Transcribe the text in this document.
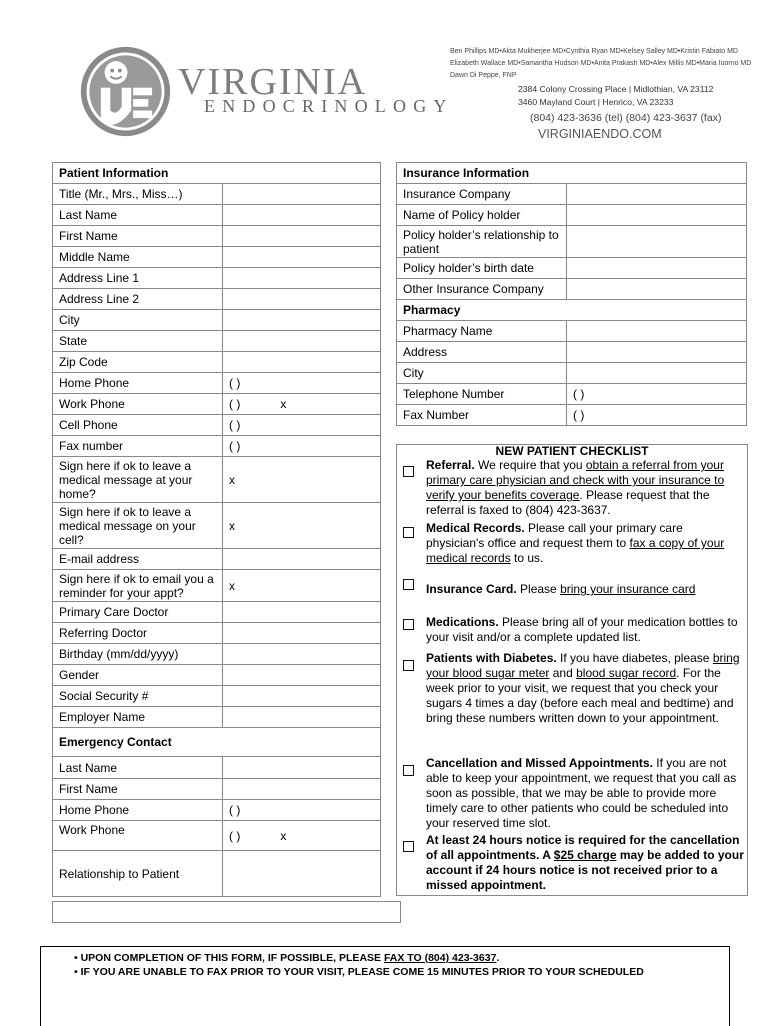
VIRGINIA
ENDOCRINOLOGY
Ben Phillips MD•Akta Mukherjee MD•Cynthia Ryan MD•Kelsey Salley MD•Kristin Fabiato MD
Elizabeth Wallace MD•Samantha Hudson MD•Anita Prakash MD•Alex Millis MD•Maria Iuorno MD
Dawn Di Peppe, FNP
2384 Colony Crossing Place | Midlothian, VA 23112
3460 Mayland Court | Henrico, VA 23233
(804) 423-3636 (tel) (804) 423-3637 (fax)
VIRGINIAENDO.COM
Patient Information	
Title (Mr., Mrs., Miss…)	
Last Name	
First Name	
Middle Name	
Address Line 1	
Address Line 2	
City	
State	
Zip Code	
Home Phone	( )
Work Phone	( ) x
Cell Phone	( )
Fax number	( )
Sign here if ok to leave a medical message at your home?	x
Sign here if ok to leave a medical message on your cell?	x
E-mail address	
Sign here if ok to email you a reminder for your appt?	x
Primary Care Doctor	
Referring Doctor	
Birthday (mm/dd/yyyy)	
Gender	
Social Security #	
Employer Name	
Emergency Contact	
Last Name	
First Name	
Home Phone	( )
Work Phone	( ) x
Relationship to Patient	
Insurance Information	
Insurance Company	
Name of Policy holder	
Policy holder’s relationship to patient	
Policy holder’s birth date	
Other Insurance Company	
Pharmacy	
Pharmacy Name	
Address	
City	
Telephone Number	( )
Fax Number	( )
NEW PATIENT CHECKLIST
Referral. We require that you obtain a referral from your primary care physician and check with your insurance to verify your benefits coverage. Please request that the referral is faxed to (804) 423-3637.
Medical Records. Please call your primary care physician's office and request them to fax a copy of your medical records to us.
Insurance Card. Please bring your insurance card
Medications. Please bring all of your medication bottles to your visit and/or a complete updated list.
Patients with Diabetes. If you have diabetes, please bring your blood sugar meter and blood sugar record. For the week prior to your visit, we request that you check your sugars 4 times a day (before each meal and bedtime) and bring these numbers written down to your appointment.
Cancellation and Missed Appointments. If you are not able to keep your appointment, we request that you call as soon as possible, that we may be able to provide more timely care to other patients who could be scheduled into your reserved time slot.
At least 24 hours notice is required for the cancellation of all appointments. A $25 charge may be added to your account if 24 hours notice is not received prior to a missed appointment.
• UPON COMPLETION OF THIS FORM, IF POSSIBLE, PLEASE FAX TO (804) 423-3637.
• IF YOU ARE UNABLE TO FAX PRIOR TO YOUR VISIT, PLEASE COME 15 MINUTES PRIOR TO YOUR SCHEDULED
